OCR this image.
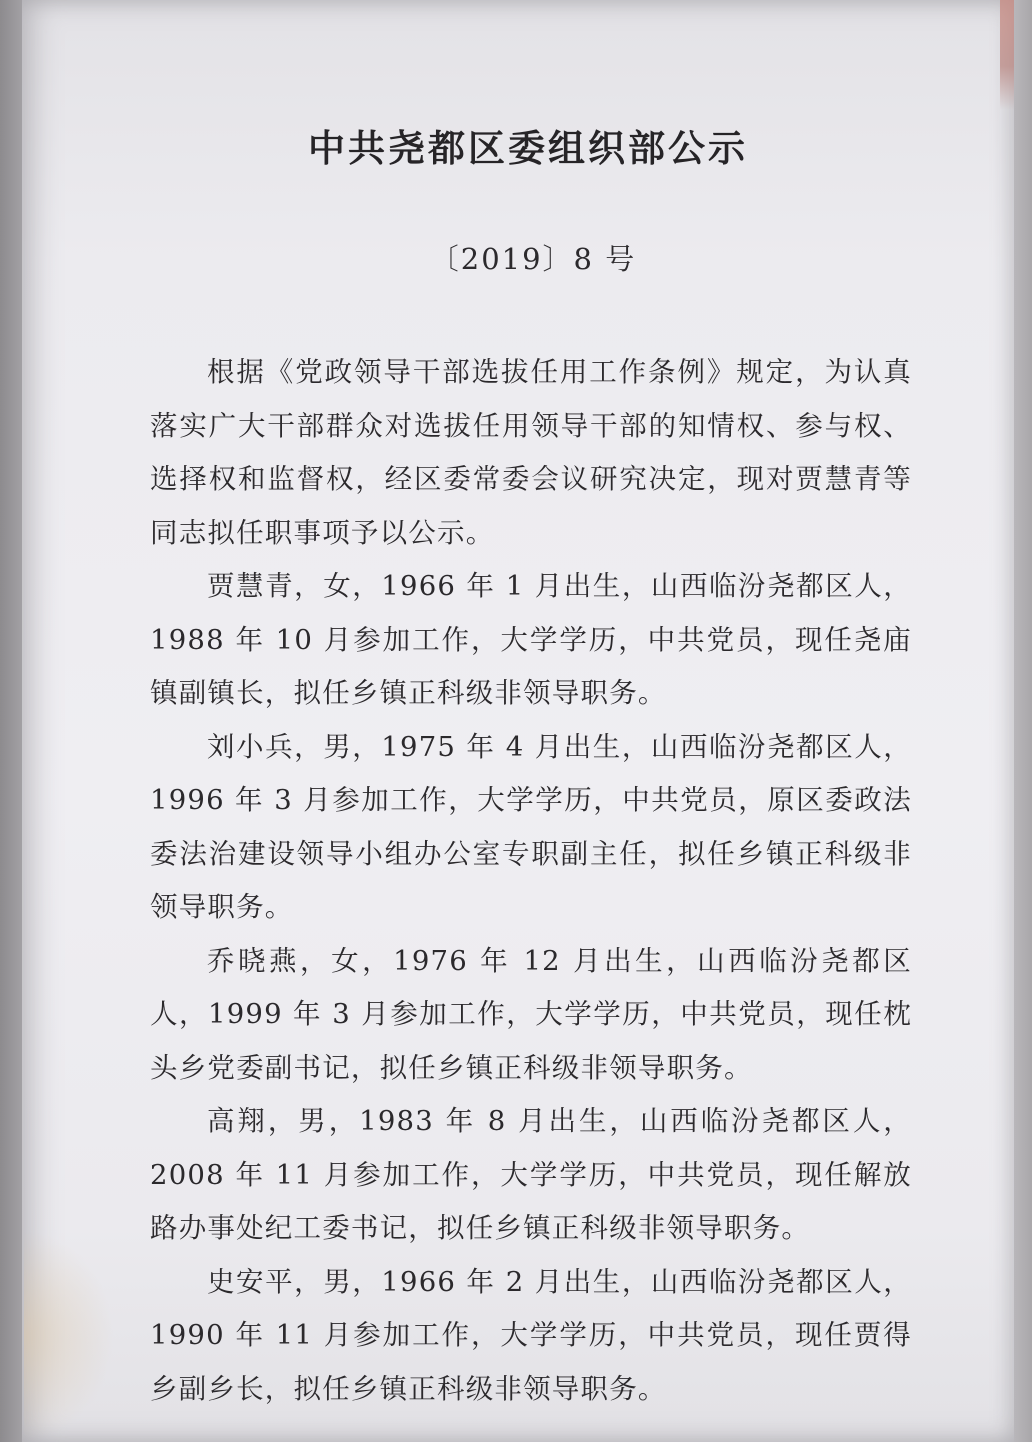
中共尧都区委组织部公示
〔2019〕8 号

根据《党政领导干部选拔任用工作条例》规定，为认真落实广大干部群众对选拔任用领导干部的知情权、参与权、选择权和监督权，经区委常委会议研究决定，现对贾慧青等同志拟任职事项予以公示。

贾慧青，女，1966 年 1 月出生，山西临汾尧都区人，1988 年 10 月参加工作，大学学历，中共党员，现任尧庙镇副镇长，拟任乡镇正科级非领导职务。

刘小兵，男，1975 年 4 月出生，山西临汾尧都区人，1996 年 3 月参加工作，大学学历，中共党员，原区委政法委法治建设领导小组办公室专职副主任，拟任乡镇正科级非领导职务。

乔晓燕，女，1976 年 12 月出生，山西临汾尧都区人，1999 年 3 月参加工作，大学学历，中共党员，现任枕头乡党委副书记，拟任乡镇正科级非领导职务。

高翔，男，1983 年 8 月出生，山西临汾尧都区人，2008 年 11 月参加工作，大学学历，中共党员，现任解放路办事处纪工委书记，拟任乡镇正科级非领导职务。

史安平，男，1966 年 2 月出生，山西临汾尧都区人，1990 年 11 月参加工作，大学学历，中共党员，现任贾得乡副乡长，拟任乡镇正科级非领导职务。
